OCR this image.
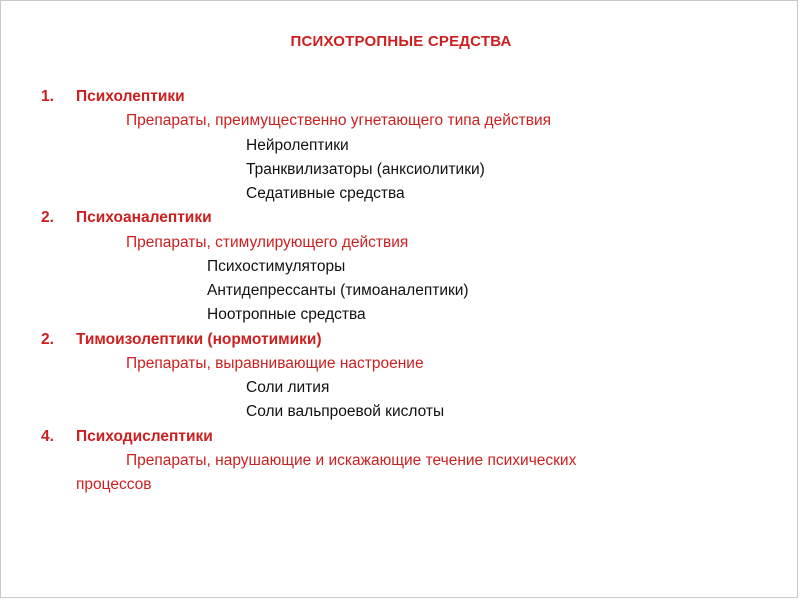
ПСИХОТРОПНЫЕ СРЕДСТВА
1. Психолептики
Препараты, преимущественно угнетающего типа действия
Нейролептики
Транквилизаторы (анксиолитики)
Седативные средства
2. Психоаналептики
Препараты, стимулирующего действия
Психостимуляторы
Антидепрессанты (тимоаналептики)
Ноотропные средства
2. Тимоизолептики (нормотимики)
Препараты, выравнивающие настроение
Соли лития
Соли вальпроевой кислоты
4. Психодислептики
Препараты, нарушающие и искажающие течение психических
процессов
